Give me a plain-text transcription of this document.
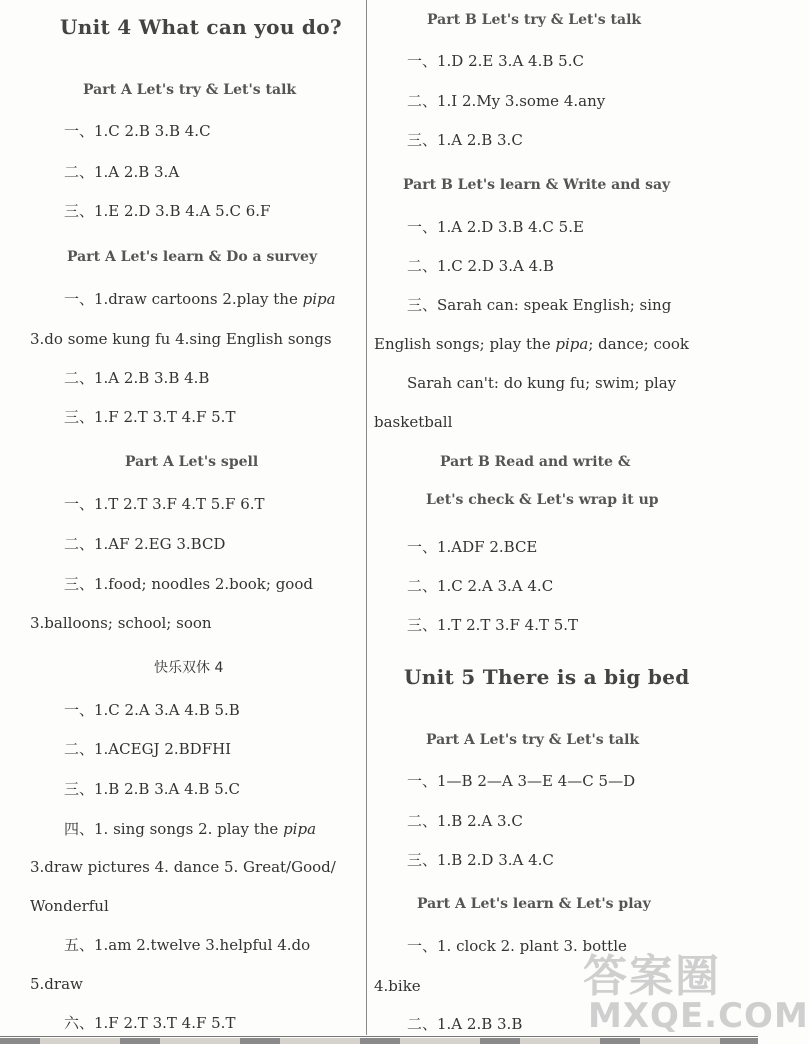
Unit 4 What can you do?
Part A Let's try & Let's talk
一、1.C 2.B 3.B 4.C
二、1.A 2.B 3.A
三、1.E 2.D 3.B 4.A 5.C 6.F
Part A Let's learn & Do a survey
一、1.draw cartoons 2.play the pipa
3.do some kung fu 4.sing English songs
二、1.A 2.B 3.B 4.B
三、1.F 2.T 3.T 4.F 5.T
Part A Let's spell
一、1.T 2.T 3.F 4.T 5.F 6.T
二、1.AF 2.EG 3.BCD
三、1.food; noodles 2.book; good
3.balloons; school; soon
快乐双休 4
一、1.C 2.A 3.A 4.B 5.B
二、1.ACEGJ 2.BDFHI
三、1.B 2.B 3.A 4.B 5.C
四、1. sing songs 2. play the pipa
3.draw pictures 4. dance 5. Great/Good/
Wonderful
五、1.am 2.twelve 3.helpful 4.do
5.draw
六、1.F 2.T 3.T 4.F 5.T
Part B Let's try & Let's talk
一、1.D 2.E 3.A 4.B 5.C
二、1.I 2.My 3.some 4.any
三、1.A 2.B 3.C
Part B Let's learn & Write and say
一、1.A 2.D 3.B 4.C 5.E
二、1.C 2.D 3.A 4.B
三、Sarah can: speak English; sing
English songs; play the pipa; dance; cook
Sarah can't: do kung fu; swim; play
basketball
Part B Read and write &
Let's check & Let's wrap it up
一、1.ADF 2.BCE
二、1.C 2.A 3.A 4.C
三、1.T 2.T 3.F 4.T 5.T
Unit 5 There is a big bed
Part A Let's try & Let's talk
一、1—B 2—A 3—E 4—C 5—D
二、1.B 2.A 3.C
三、1.B 2.D 3.A 4.C
Part A Let's learn & Let's play
一、1. clock 2. plant 3. bottle
4.bike
二、1.A 2.B 3.B
答案圈
MXQE.COM
